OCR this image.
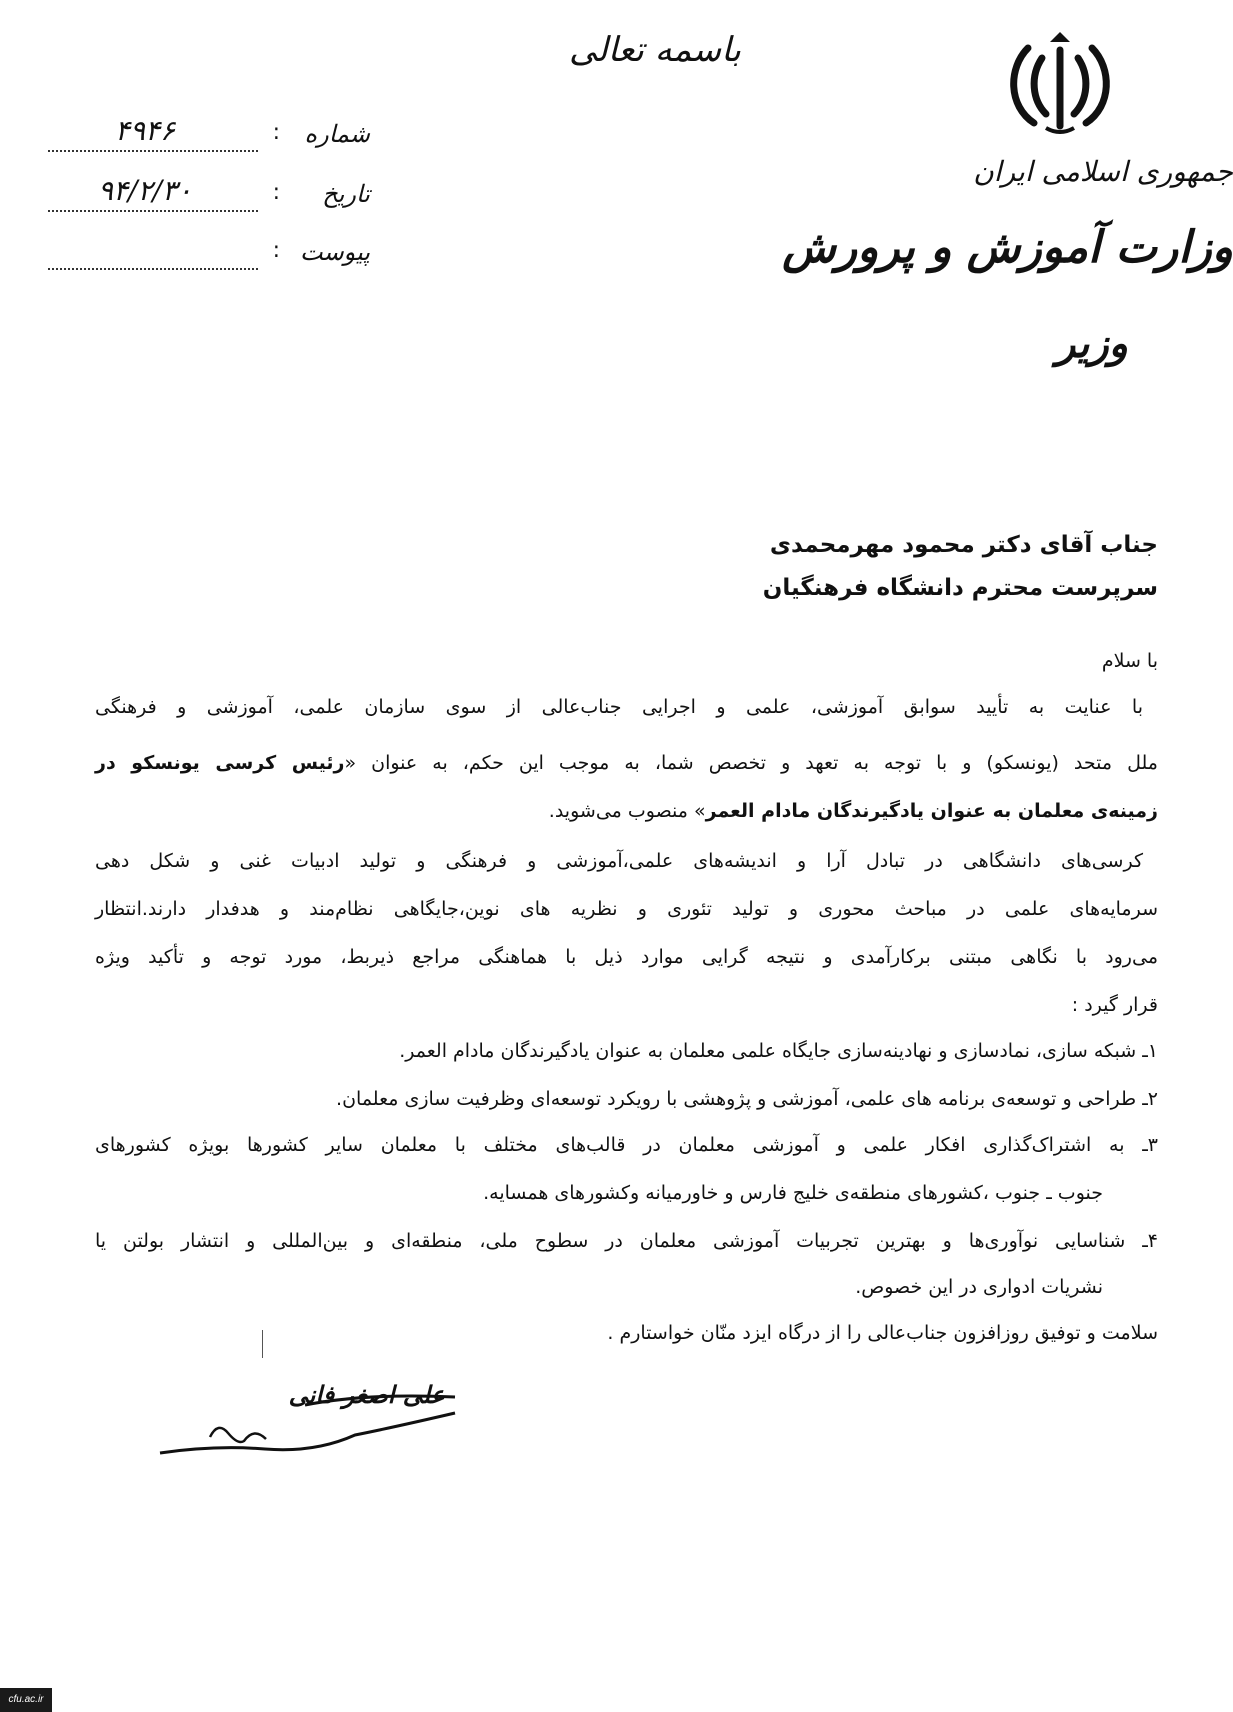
باسمه تعالی
جمهوری اسلامی ایران
وزارت آموزش و پرورش
وزیر
شماره
:
۴۹۴۶
تاریخ
:
۹۴/۲/۳۰
پیوست
:
جناب آقای دکتر محمود مهرمحمدی
سرپرست محترم دانشگاه فرهنگیان
با سلام
با عنایت به تأیید سوابق آموزشی، علمی و اجرایی جناب‌عالی از سوی سازمان علمی، آموزشی و فرهنگی
ملل متحد (یونسکو) و با توجه به تعهد و تخصص شما، به موجب این حکم، به عنوان «رئیس کرسی یونسکو در
زمینه‌ی معلمان به عنوان یادگیرندگان مادام العمر» منصوب می‌شوید.
کرسی‌های دانشگاهی در تبادل آرا و اندیشه‌های علمی،آموزشی و فرهنگی و تولید ادبیات غنی و شکل دهی
سرمایه‌های علمی در مباحث محوری و تولید تئوری و نظریه های نوین،جایگاهی نظام‌مند و هدفدار دارند.انتظار
می‌رود با نگاهی مبتنی برکارآمدی و نتیجه گرایی موارد ذیل با هماهنگی مراجع ذیربط، مورد توجه و تأکید ویژه
قرار گیرد :
۱ـ شبکه سازی، نمادسازی و نهادینه‌سازی جایگاه علمی معلمان به عنوان یادگیرندگان مادام العمر.
۲ـ طراحی و توسعه‌ی برنامه های علمی، آموزشی و پژوهشی با رویکرد توسعه‌ای وظرفیت سازی معلمان.
۳ـ به اشتراک‌گذاری افکار علمی و آموزشی معلمان در قالب‌های مختلف با معلمان سایر کشورها بویژه کشورهای
جنوب ـ جنوب ،کشورهای منطقه‌ی خلیج فارس و خاورمیانه وکشورهای همسایه.
۴ـ شناسایی نوآوری‌ها و بهترین تجربیات آموزشی معلمان در سطوح ملی، منطقه‌ای و بین‌المللی و انتشار بولتن یا
نشریات ادواری در این خصوص.
سلامت و توفیق روزافزون جناب‌عالی را از درگاه ایزد منّان خواستارم .
علی اصغر فانی
cfu.ac.ir
